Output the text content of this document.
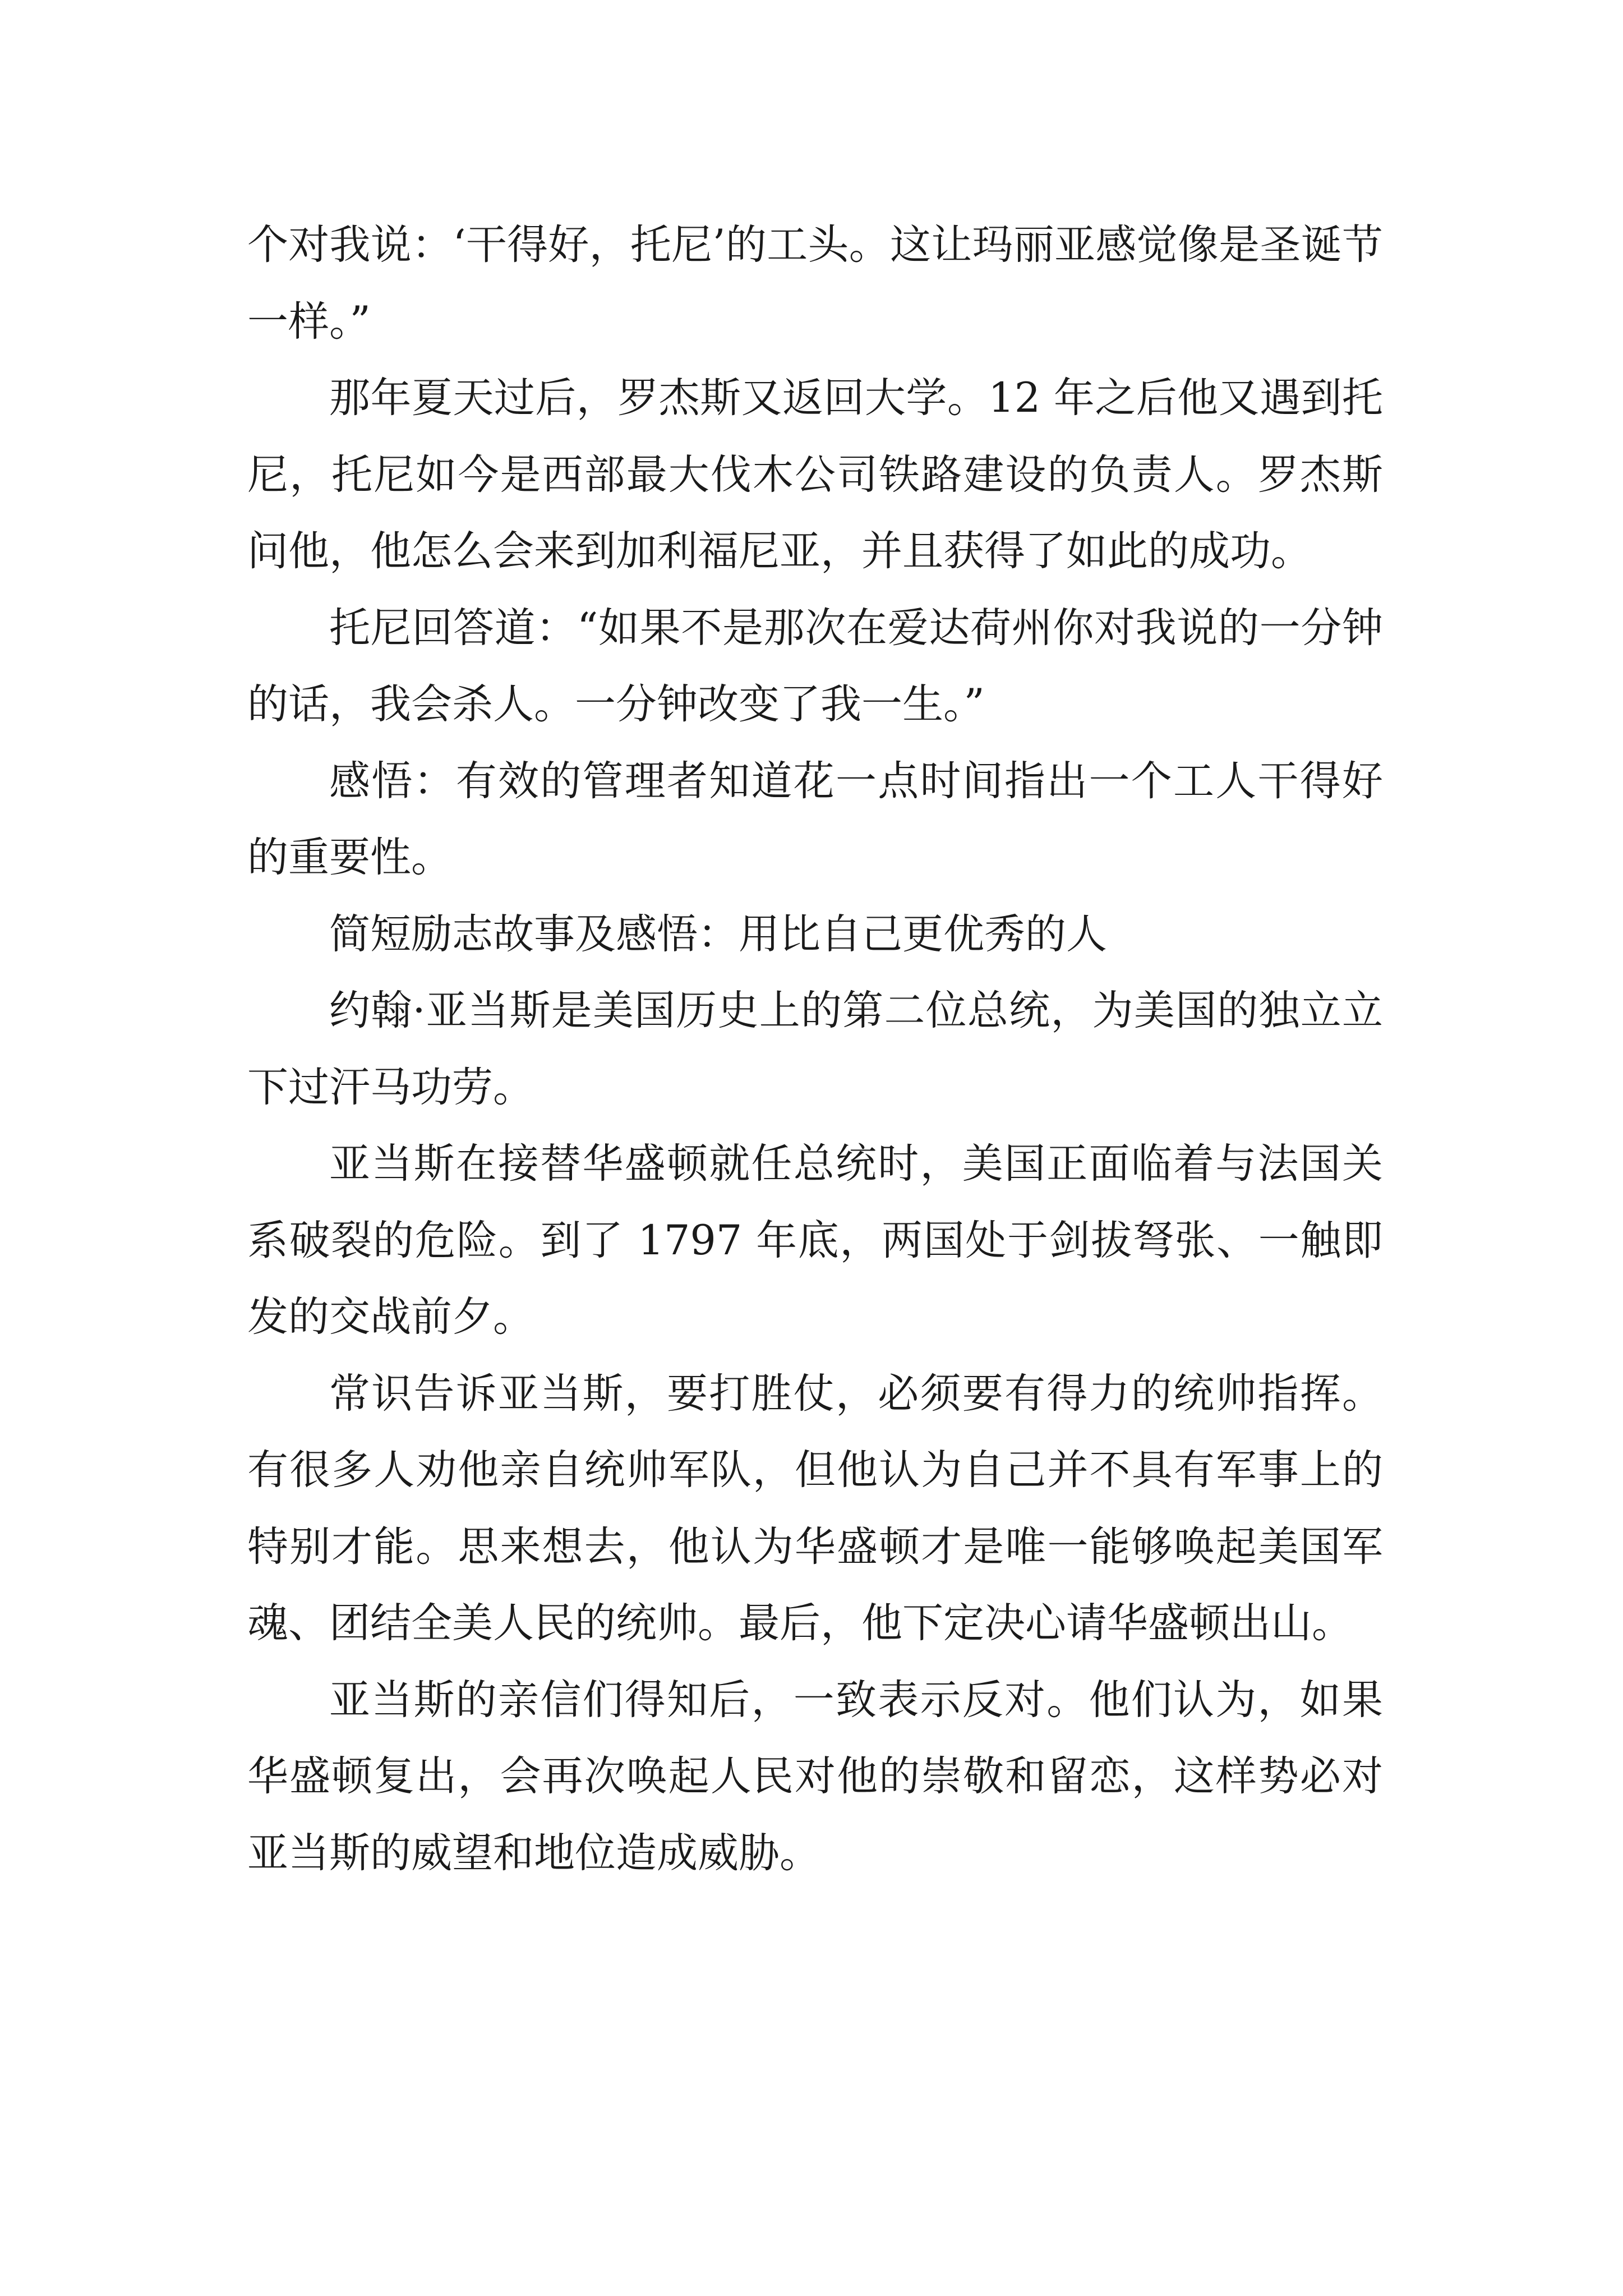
个对我说：‘干得好，托尼’的工头。这让玛丽亚感觉像是圣诞节一样。”

那年夏天过后，罗杰斯又返回大学。12 年之后他又遇到托尼，托尼如今是西部最大伐木公司铁路建设的负责人。罗杰斯问他，他怎么会来到加利福尼亚，并且获得了如此的成功。

托尼回答道：“如果不是那次在爱达荷州你对我说的一分钟的话，我会杀人。一分钟改变了我一生。”

感悟：有效的管理者知道花一点时间指出一个工人干得好的重要性。

简短励志故事及感悟：用比自己更优秀的人

约翰·亚当斯是美国历史上的第二位总统，为美国的独立立下过汗马功劳。

亚当斯在接替华盛顿就任总统时，美国正面临着与法国关系破裂的危险。到了 1797 年底，两国处于剑拔弩张、一触即发的交战前夕。

常识告诉亚当斯，要打胜仗，必须要有得力的统帅指挥。有很多人劝他亲自统帅军队，但他认为自己并不具有军事上的特别才能。思来想去，他认为华盛顿才是唯一能够唤起美国军魂、团结全美人民的统帅。最后，他下定决心请华盛顿出山。

亚当斯的亲信们得知后，一致表示反对。他们认为，如果华盛顿复出，会再次唤起人民对他的崇敬和留恋，这样势必对亚当斯的威望和地位造成威胁。
